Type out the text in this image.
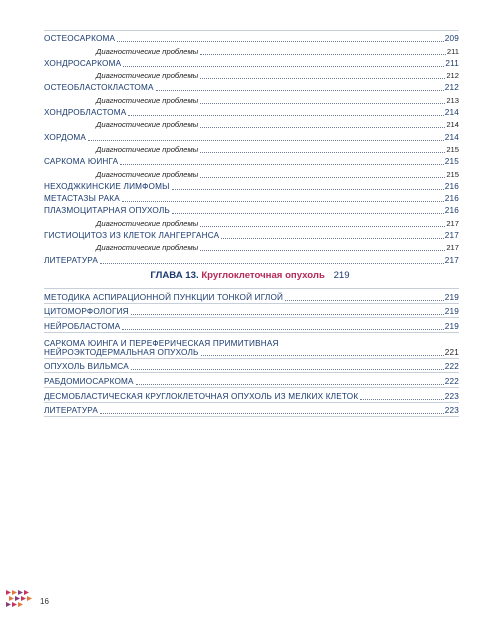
ОСТЕОСАРКОМА	209
Диагностические проблемы	211
ХОНДРОСАРКОМА	211
Диагностические проблемы	212
ОСТЕОБЛАСТОКЛАСТОМА	212
Диагностические проблемы	213
ХОНДРОБЛАСТОМА	214
Диагностические проблемы	214
ХОРДОМА	214
Диагностические проблемы	215
САРКОМА ЮИНГА	215
Диагностические проблемы	215
НЕХОДЖКИНСКИЕ ЛИМФОМЫ	216
МЕТАСТАЗЫ РАКА	216
ПЛАЗМОЦИТАРНАЯ ОПУХОЛЬ	216
Диагностические проблемы	217
ГИСТИОЦИТОЗ ИЗ КЛЕТОК ЛАНГЕРГАНСА	217
Диагностические проблемы	217
ЛИТЕРАТУРА	217
ГЛАВА 13. Круглоклеточная опухоль 219
МЕТОДИКА АСПИРАЦИОННОЙ ПУНКЦИИ ТОНКОЙ ИГЛОЙ	219
ЦИТОМОРФОЛОГИЯ	219
НЕЙРОБЛАСТОМА	219
САРКОМА ЮИНГА И ПЕРЕФЕРИЧЕСКАЯ ПРИМИТИВНАЯ
НЕЙРОЭКТОДЕРМАЛЬНАЯ ОПУХОЛЬ	221
ОПУХОЛЬ ВИЛЬМСА	222
РАБДОМИОСАРКОМА	222
ДЕСМОБЛАСТИЧЕСКАЯ КРУГЛОКЛЕТОЧНАЯ ОПУХОЛЬ ИЗ МЕЛКИХ КЛЕТОК	223
ЛИТЕРАТУРА	223
16
